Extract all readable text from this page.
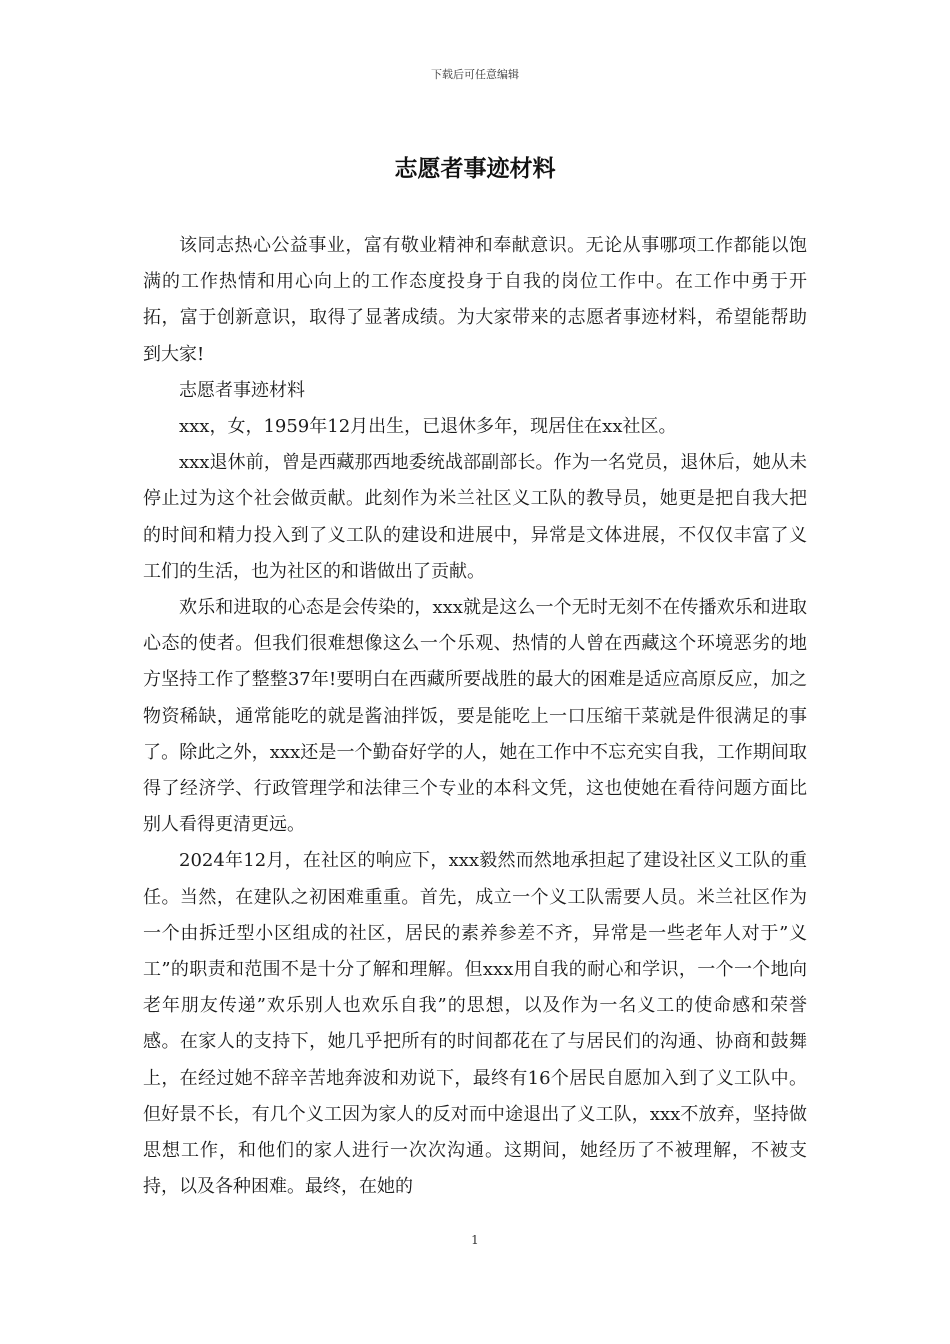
下载后可任意编辑
志愿者事迹材料

该同志热心公益事业，富有敬业精神和奉献意识。无论从事哪项工作都能以饱满的工作热情和用心向上的工作态度投身于自我的岗位工作中。在工作中勇于开拓，富于创新意识，取得了显著成绩。为大家带来的志愿者事迹材料，希望能帮助到大家!

志愿者事迹材料

xxx，女，1959年12月出生，已退休多年，现居住在xx社区。

xxx退休前，曾是西藏那西地委统战部副部长。作为一名党员，退休后，她从未停止过为这个社会做贡献。此刻作为米兰社区义工队的教导员，她更是把自我大把的时间和精力投入到了义工队的建设和进展中，异常是文体进展，不仅仅丰富了义工们的生活，也为社区的和谐做出了贡献。

欢乐和进取的心态是会传染的，xxx就是这么一个无时无刻不在传播欢乐和进取心态的使者。但我们很难想像这么一个乐观、热情的人曾在西藏这个环境恶劣的地方坚持工作了整整37年!要明白在西藏所要战胜的最大的困难是适应高原反应，加之物资稀缺，通常能吃的就是酱油拌饭，要是能吃上一口压缩干菜就是件很满足的事了。除此之外，xxx还是一个勤奋好学的人，她在工作中不忘充实自我，工作期间取得了经济学、行政管理学和法律三个专业的本科文凭，这也使她在看待问题方面比别人看得更清更远。

2024年12月，在社区的响应下，xxx毅然而然地承担起了建设社区义工队的重任。当然，在建队之初困难重重。首先，成立一个义工队需要人员。米兰社区作为一个由拆迁型小区组成的社区，居民的素养参差不齐，异常是一些老年人对于”义工”的职责和范围不是十分了解和理解。但xxx用自我的耐心和学识，一个一个地向老年朋友传递”欢乐别人也欢乐自我”的思想，以及作为一名义工的使命感和荣誉感。在家人的支持下，她几乎把所有的时间都花在了与居民们的沟通、协商和鼓舞上，在经过她不辞辛苦地奔波和劝说下，最终有16个居民自愿加入到了义工队中。但好景不长，有几个义工因为家人的反对而中途退出了义工队，xxx不放弃，坚持做思想工作，和他们的家人进行一次次沟通。这期间，她经历了不被理解，不被支持，以及各种困难。最终，在她的

1
